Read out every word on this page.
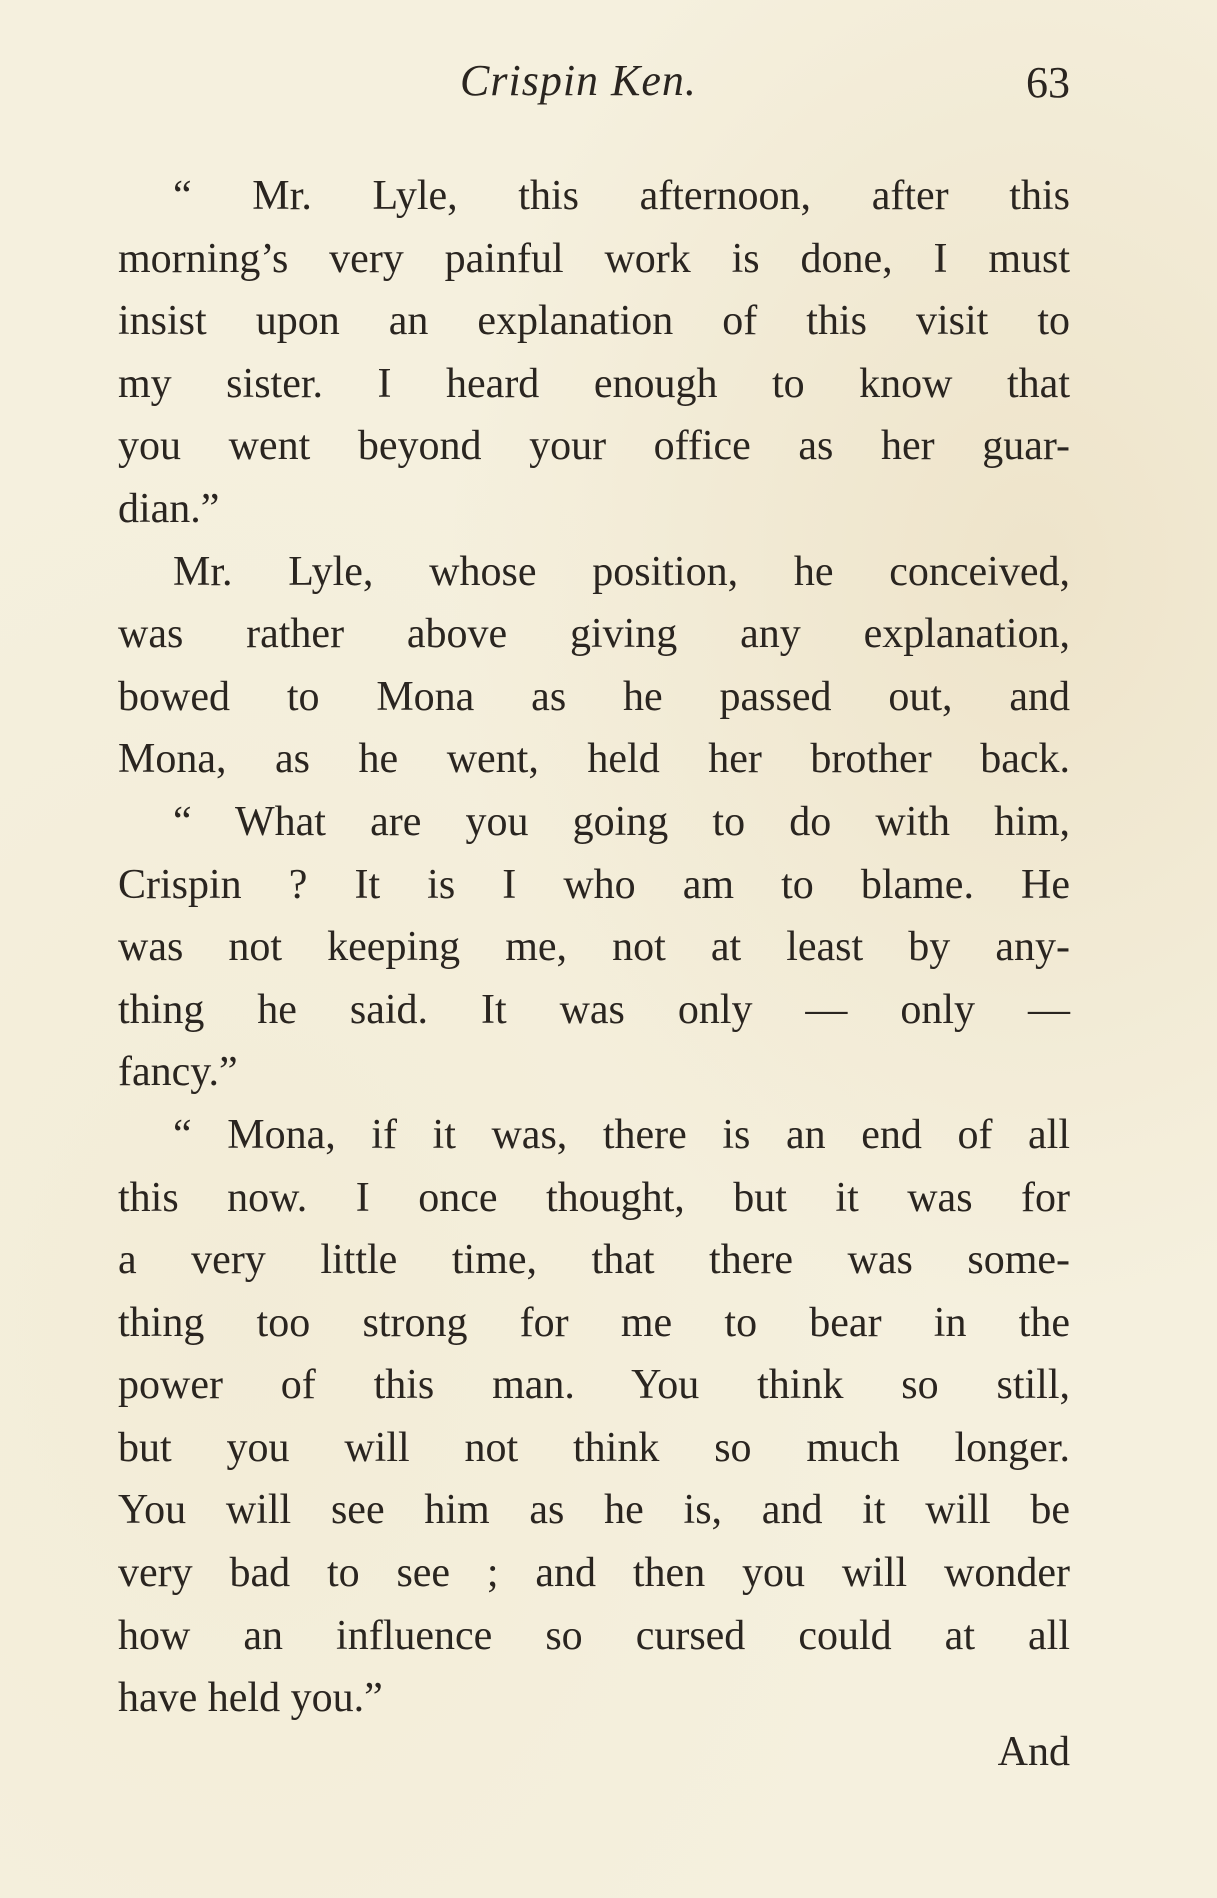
Crispin Ken.	63
“ Mr. Lyle, this afternoon, after this
morning’s very painful work is done, I must
insist upon an explanation of this visit to
my sister. I heard enough to know that
you went beyond your office as her guar-
dian.”
Mr. Lyle, whose position, he conceived,
was rather above giving any explanation,
bowed to Mona as he passed out, and
Mona, as he went, held her brother back.
“ What are you going to do with him,
Crispin ? It is I who am to blame. He
was not keeping me, not at least by any-
thing he said. It was only — only —
fancy.”
“ Mona, if it was, there is an end of all
this now. I once thought, but it was for
a very little time, that there was some-
thing too strong for me to bear in the
power of this man. You think so still,
but you will not think so much longer.
You will see him as he is, and it will be
very bad to see ; and then you will wonder
how an influence so cursed could at all
have held you.”
And
